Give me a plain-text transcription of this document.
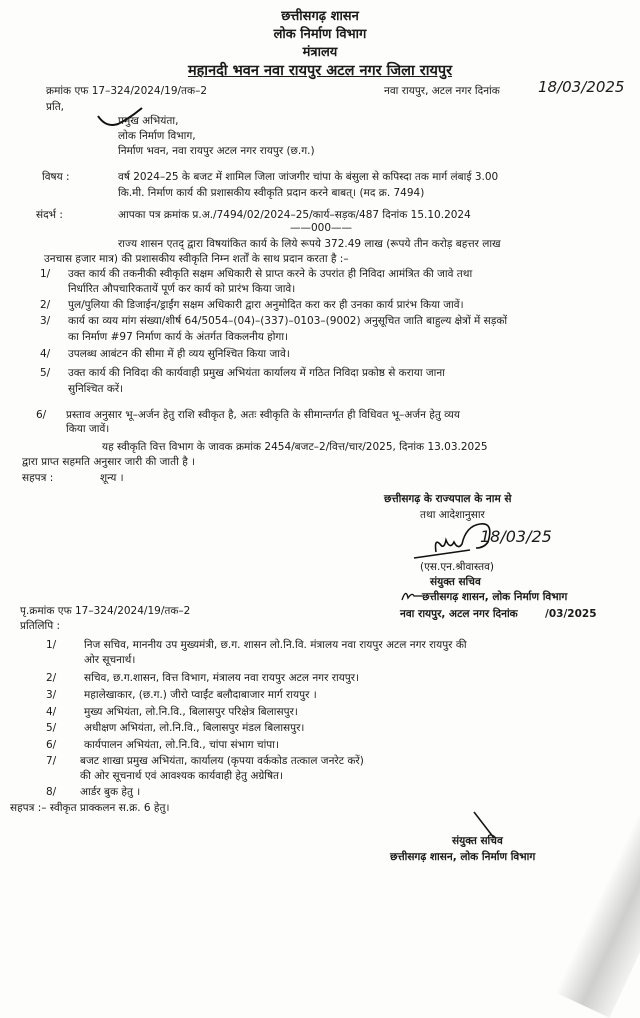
छत्तीसगढ़ शासन
लोक निर्माण विभाग
मंत्रालय
महानदी भवन नवा रायपुर अटल नगर जिला रायपुर
क्रमांक एफ 17–324/2024/19/तक–2	नवा रायपुर, अटल नगर दिनांक	18/03/2025
प्रति,
प्रमुख अभियंता,
लोक निर्माण विभाग,
निर्माण भवन, नवा रायपुर अटल नगर रायपुर (छ.ग.)
विषय :	वर्ष 2024–25 के बजट में शामिल जिला जांजगीर चांपा के बंसुला से कपिस्दा तक मार्ग लंबाई 3.00
कि.मी. निर्माण कार्य की प्रशासकीय स्वीकृति प्रदान करने बाबत्। (मद क्र. 7494)
संदर्भ :	आपका पत्र क्रमांक प्र.अ./7494/02/2024–25/कार्य–सड़क/487 दिनांक 15.10.2024
——000——
राज्य शासन एतद् द्वारा विषयांकित कार्य के लिये रूपये 372.49 लाख (रूपये तीन करोड़ बहत्तर लाख
उनचास हजार मात्र) की प्रशासकीय स्वीकृति निम्न शर्तों के साथ प्रदान करता है :–
1/ उक्त कार्य की तकनीकी स्वीकृति सक्षम अधिकारी से प्राप्त करने के उपरांत ही निविदा आमंत्रित की जावे तथा
निर्धारित औपचारिकतायें पूर्ण कर कार्य को प्रारंभ किया जावे।
2/ पुल/पुलिया की डिजाईन/ड्राईंग सक्षम अधिकारी द्वारा अनुमोदित करा कर ही उनका कार्य प्रारंभ किया जावें।
3/ कार्य का व्यय मांग संख्या/शीर्ष 64/5054–(04)–(337)–0103–(9002) अनुसूचित जाति बाहुल्य क्षेत्रों में सड़कों
का निर्माण #97 निर्माण कार्य के अंतर्गत विकलनीय होगा।
4/ उपलब्ध आबंटन की सीमा में ही व्यय सुनिश्चित किया जावे।
5/ उक्त कार्य की निविदा की कार्यवाही प्रमुख अभियंता कार्यालय में गठित निविदा प्रकोष्ठ से कराया जाना
सुनिश्चित करें।
6/ प्रस्ताव अनुसार भू–अर्जन हेतु राशि स्वीकृत है, अतः स्वीकृति के सीमान्तर्गत ही विधिवत भू–अर्जन हेतु व्यय
किया जावें।
यह स्वीकृति वित्त विभाग के जावक क्रमांक 2454/बजट–2/वित्त/चार/2025, दिनांक 13.03.2025
द्वारा प्राप्त सहमति अनुसार जारी की जाती है ।
सहपत्र :	शून्य ।
छत्तीसगढ़ के राज्यपाल के नाम से
तथा आदेशानुसार
18/03/25
(एस.एन.श्रीवास्तव)
संयुक्त सचिव
छत्तीसगढ़ शासन, लोक निर्माण विभाग
नवा रायपुर, अटल नगर दिनांक	/03/2025
पृ.क्रमांक एफ 17–324/2024/19/तक–2
प्रतिलिपि :
1/	निज सचिव, माननीय उप मुख्यमंत्री, छ.ग. शासन लो.नि.वि. मंत्रालय नवा रायपुर अटल नगर रायपुर की
ओर सूचनार्थ।
2/	सचिव, छ.ग.शासन, वित्त विभाग, मंत्रालय नवा रायपुर अटल नगर रायपुर।
3/	महालेखाकार, (छ.ग.) जीरो प्वाईंट बलौदाबाजार मार्ग रायपुर ।
4/	मुख्य अभियंता, लो.नि.वि., बिलासपुर परिक्षेत्र बिलासपुर।
5/	अधीक्षण अभियंता, लो.नि.वि., बिलासपुर मंडल बिलासपुर।
6/	कार्यपालन अभियंता, लो.नि.वि., चांपा संभाग चांपा।
7/ बजट शाखा प्रमुख अभियंता, कार्यालय (कृपया वर्ककोड तत्काल जनरेट करें)
की ओर सूचनार्थ एवं आवश्यक कार्यवाही हेतु अग्रेषित।
8/ आर्डर बुक हेतु ।
सहपत्र :– स्वीकृत प्राक्कलन स.क्र. 6 हेतु।
संयुक्त सचिव
छत्तीसगढ़ शासन, लोक निर्माण विभाग
